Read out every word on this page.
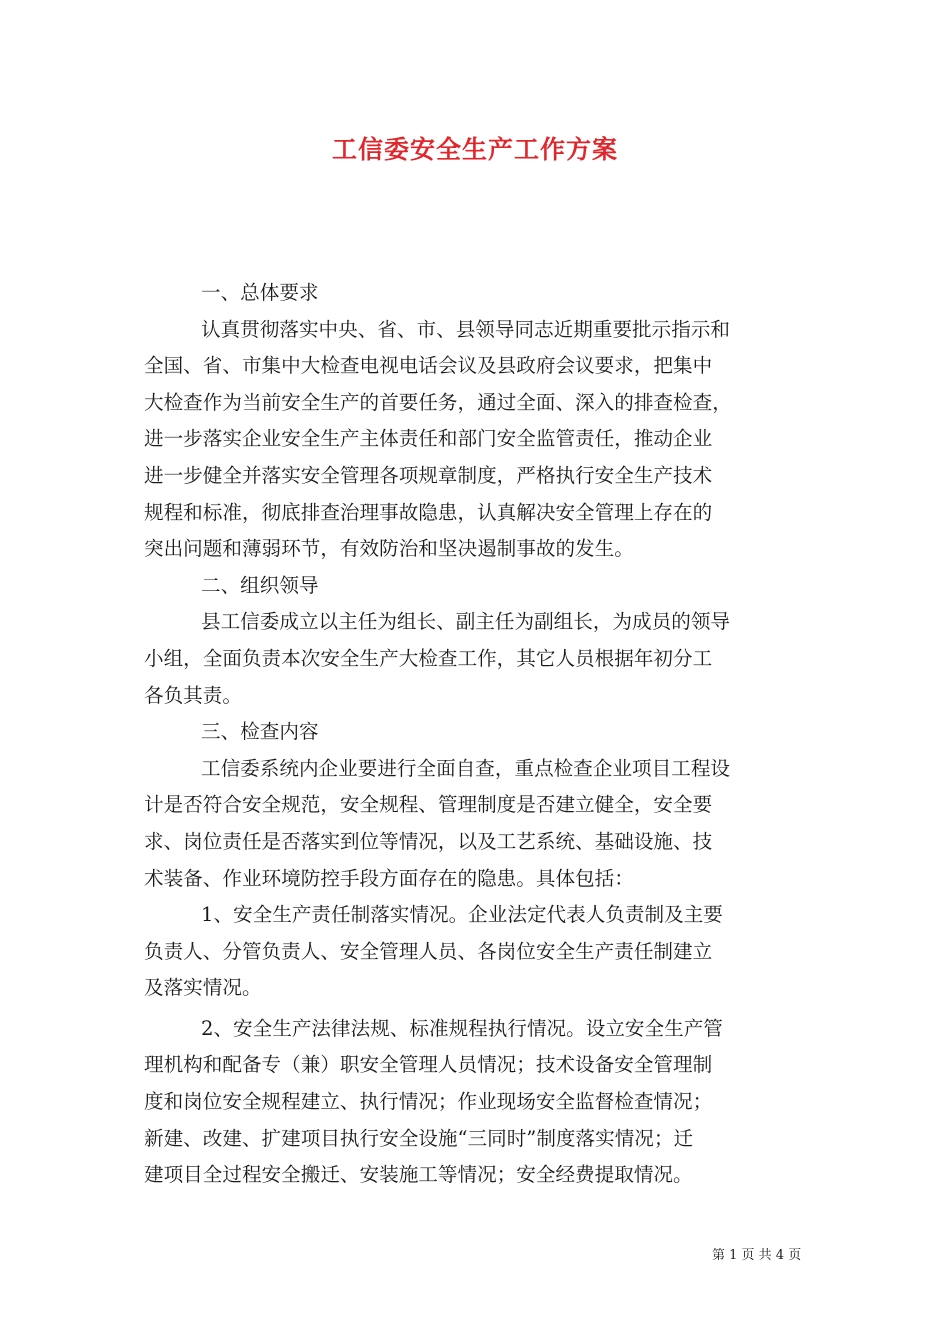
工信委安全生产工作方案
一、总体要求
认真贯彻落实中央、省、市、县领导同志近期重要批示指示和
全国、省、市集中大检查电视电话会议及县政府会议要求，把集中
大检查作为当前安全生产的首要任务，通过全面、深入的排查检查，
进一步落实企业安全生产主体责任和部门安全监管责任，推动企业
进一步健全并落实安全管理各项规章制度，严格执行安全生产技术
规程和标准，彻底排查治理事故隐患，认真解决安全管理上存在的
突出问题和薄弱环节，有效防治和坚决遏制事故的发生。
二、组织领导
县工信委成立以主任为组长、副主任为副组长，为成员的领导
小组，全面负责本次安全生产大检查工作，其它人员根据年初分工
各负其责。
三、检查内容
工信委系统内企业要进行全面自查，重点检查企业项目工程设
计是否符合安全规范，安全规程、管理制度是否建立健全，安全要
求、岗位责任是否落实到位等情况，以及工艺系统、基础设施、技
术装备、作业环境防控手段方面存在的隐患。具体包括：
1、安全生产责任制落实情况。企业法定代表人负责制及主要
负责人、分管负责人、安全管理人员、各岗位安全生产责任制建立
及落实情况。
2、安全生产法律法规、标准规程执行情况。设立安全生产管
理机构和配备专（兼）职安全管理人员情况；技术设备安全管理制
度和岗位安全规程建立、执行情况；作业现场安全监督检查情况；
新建、改建、扩建项目执行安全设施“三同时”制度落实情况；迁
建项目全过程安全搬迁、安装施工等情况；安全经费提取情况。
第 1 页 共 4 页
